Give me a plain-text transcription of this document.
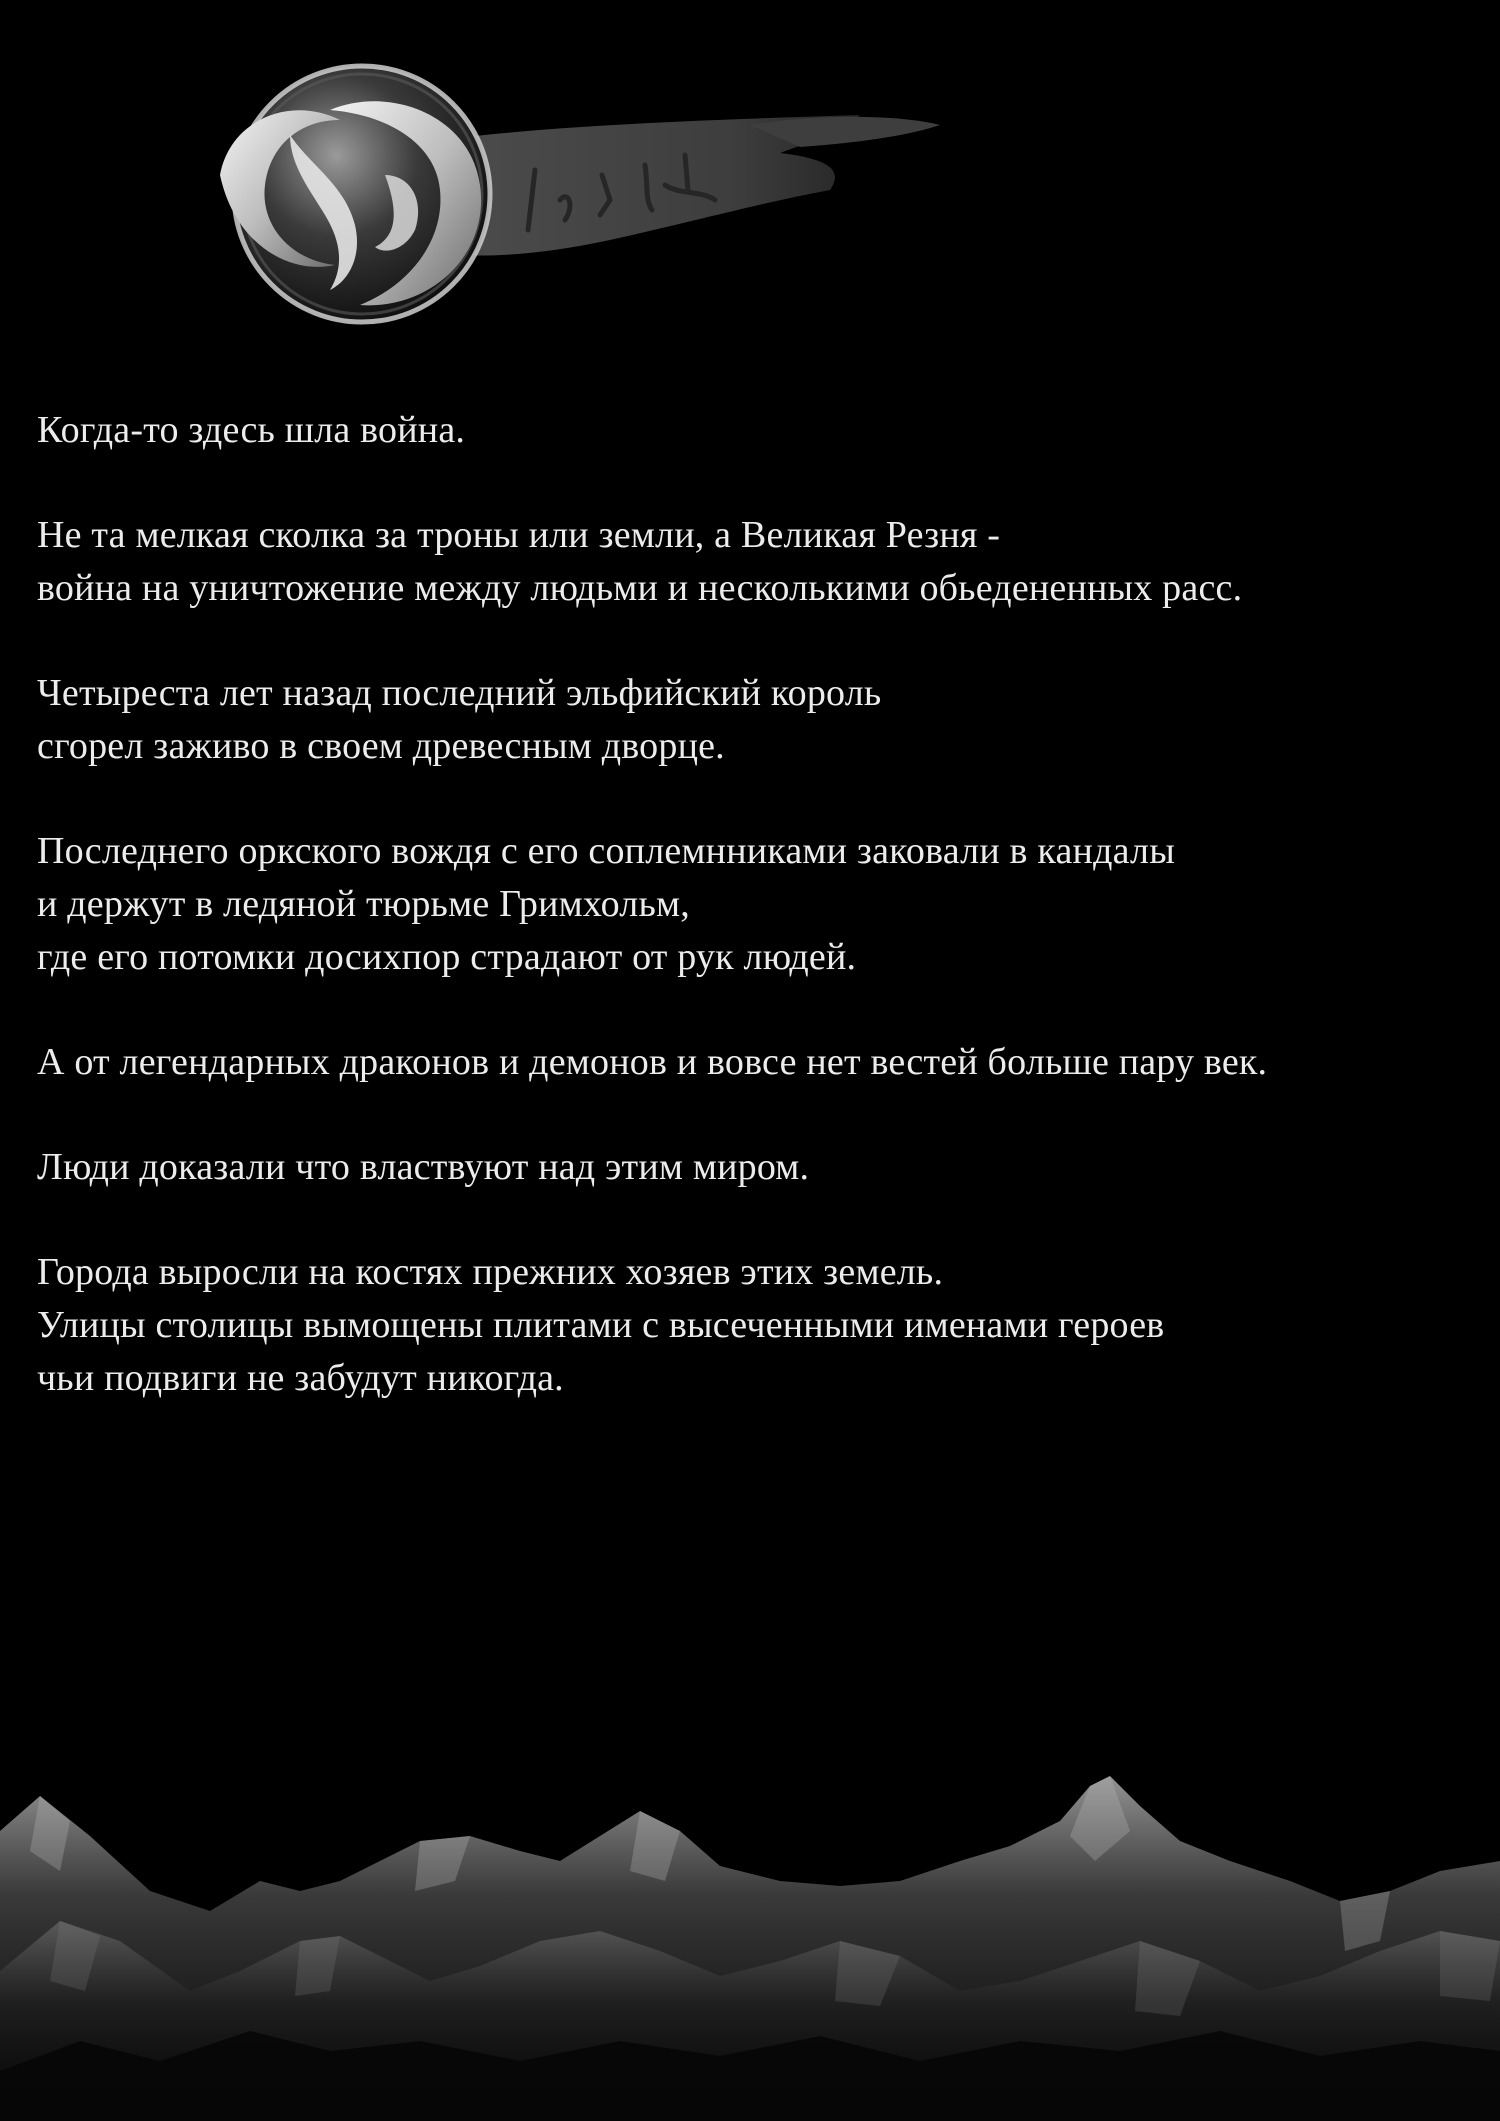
Когда-то здесь шла война.

Не та мелкая сколка за троны или земли, а Великая Резня -
война на уничтожение между людьми и несколькими обьедененных расс.

Четыреста лет назад последний эльфийский король
сгорел заживо в своем древесным дворце.

Последнего оркского вождя с его соплемнниками заковали в кандалы
и держут в ледяной тюрьме Гримхольм,
где его потомки досихпор страдают от рук людей.

А от легендарных драконов и демонов и вовсе нет вестей больше пару век.

Люди доказали что властвуют над этим миром.

Города выросли на костях прежних хозяев этих земель.
Улицы столицы вымощены плитами с высеченными именами героев
чьи подвиги не забудут никогда.
